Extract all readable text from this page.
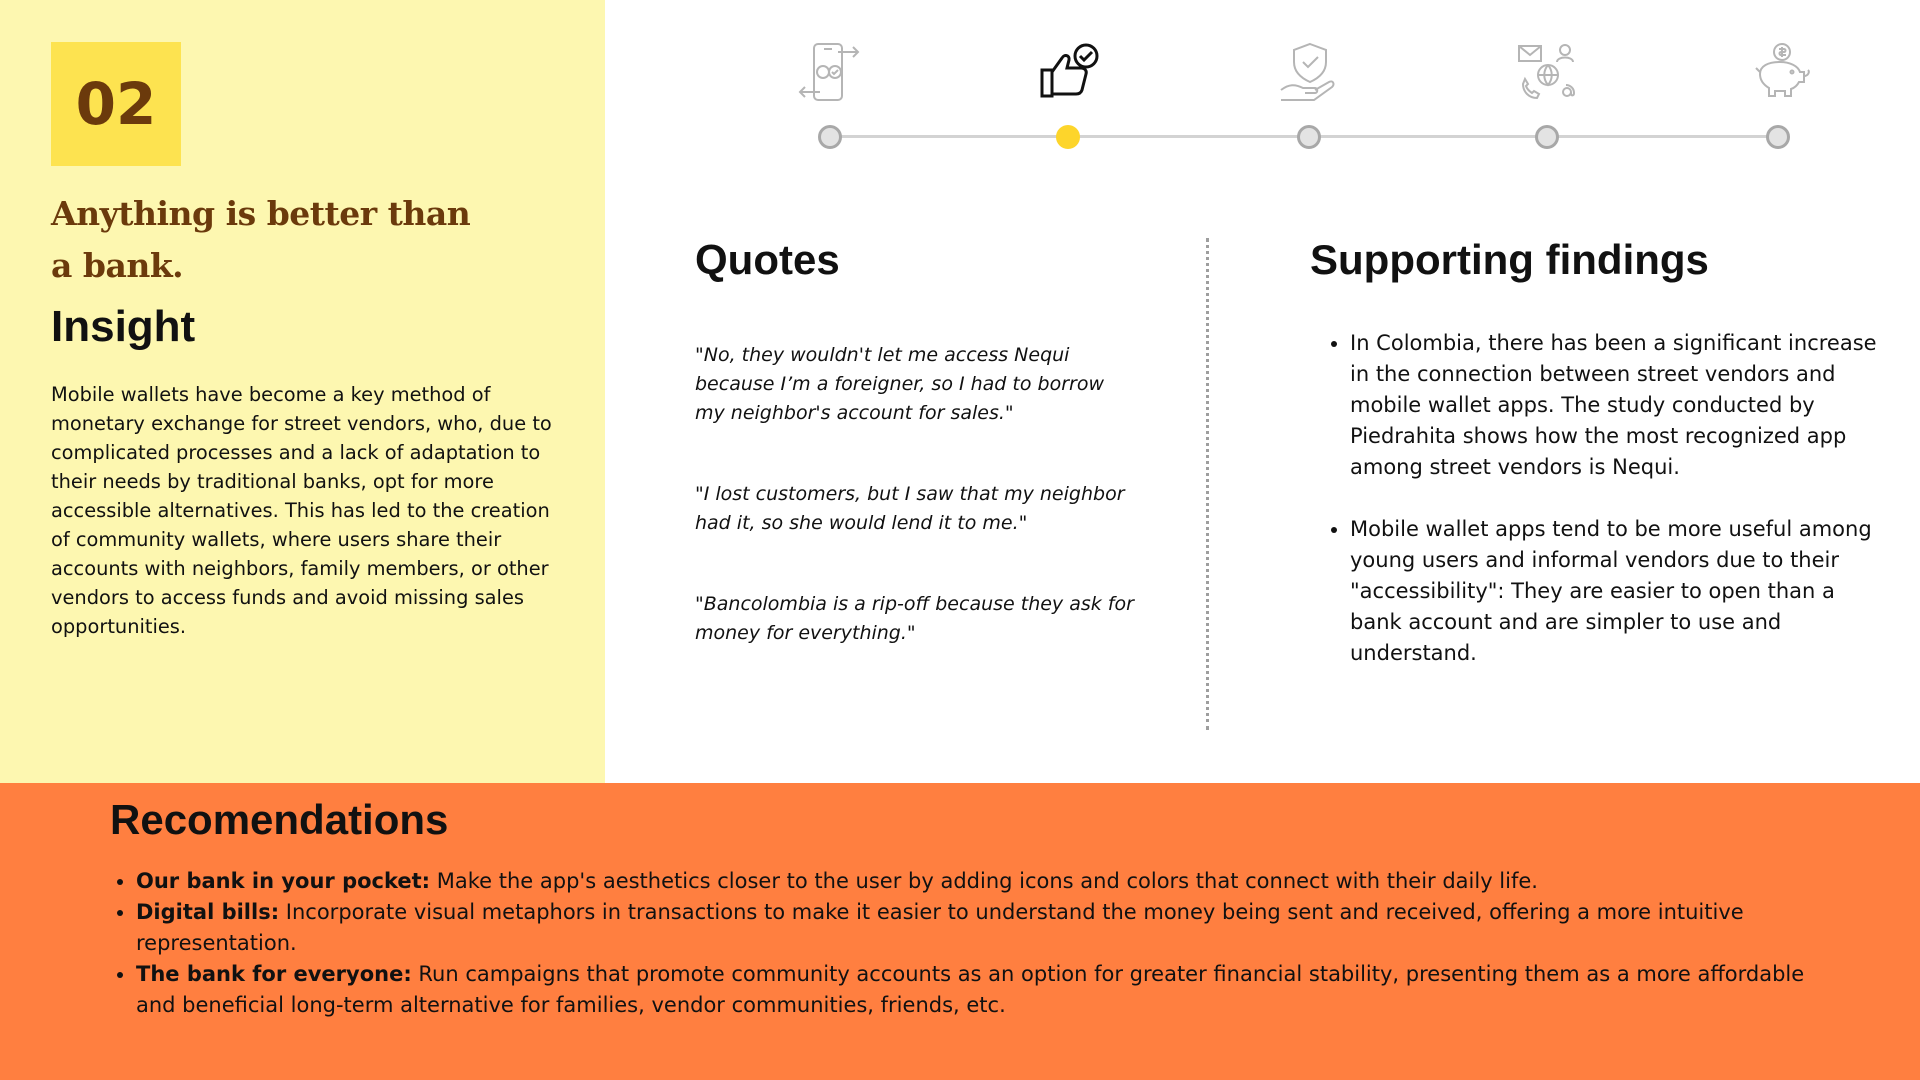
02
Anything is better than a bank.
Insight
Mobile wallets have become a key method of monetary exchange for street vendors, who, due to complicated processes and a lack of adaptation to their needs by traditional banks, opt for more accessible alternatives. This has led to the creation of community wallets, where users share their accounts with neighbors, family members, or other vendors to access funds and avoid missing sales opportunities.
Quotes
"No, they wouldn't let me access Nequi because I’m a foreigner, so I had to borrow my neighbor's account for sales."
"I lost customers, but I saw that my neighbor had it, so she would lend it to me."
"Bancolombia is a rip-off because they ask for money for everything."
Supporting findings
• In Colombia, there has been a significant increase in the connection between street vendors and mobile wallet apps. The study conducted by Piedrahita shows how the most recognized app among street vendors is Nequi.
• Mobile wallet apps tend to be more useful among young users and informal vendors due to their "accessibility": They are easier to open than a bank account and are simpler to use and understand.
Recomendations
• Our bank in your pocket: Make the app's aesthetics closer to the user by adding icons and colors that connect with their daily life.
• Digital bills: Incorporate visual metaphors in transactions to make it easier to understand the money being sent and received, offering a more intuitive representation.
• The bank for everyone: Run campaigns that promote community accounts as an option for greater financial stability, presenting them as a more affordable and beneficial long-term alternative for families, vendor communities, friends, etc.
